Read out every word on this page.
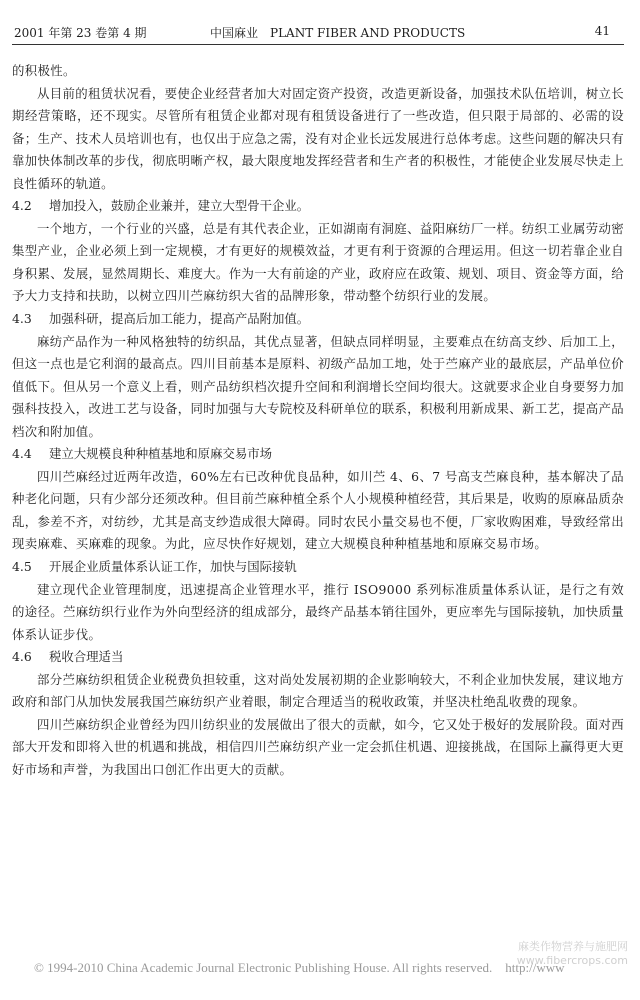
2001 年第 23 卷第 4 期	中国麻业　PLANT FIBER AND PRODUCTS	41

的积极性。

从目前的租赁状况看，要使企业经营者加大对固定资产投资，改造更新设备，加强技术队伍培训，树立长期经营策略，还不现实。尽管所有租赁企业都对现有租赁设备进行了一些改造，但只限于局部的、必需的设备；生产、技术人员培训也有，也仅出于应急之需，没有对企业长远发展进行总体考虑。这些问题的解决只有靠加快体制改革的步伐，彻底明晰产权，最大限度地发挥经营者和生产者的积极性，才能使企业发展尽快走上良性循环的轨道。

4.2 增加投入，鼓励企业兼并，建立大型骨干企业。

一个地方，一个行业的兴盛，总是有其代表企业，正如湖南有洞庭、益阳麻纺厂一样。纺织工业属劳动密集型产业，企业必须上到一定规模，才有更好的规模效益，才更有利于资源的合理运用。但这一切若靠企业自身积累、发展，显然周期长、难度大。作为一大有前途的产业，政府应在政策、规划、项目、资金等方面，给予大力支持和扶助，以树立四川苎麻纺织大省的品牌形象，带动整个纺织行业的发展。

4.3 加强科研，提高后加工能力，提高产品附加值。

麻纺产品作为一种风格独特的纺织品，其优点显著，但缺点同样明显，主要难点在纺高支纱、后加工上，但这一点也是它利润的最高点。四川目前基本是原料、初级产品加工地，处于苎麻产业的最底层，产品单位价值低下。但从另一个意义上看，则产品纺织档次提升空间和利润增长空间均很大。这就要求企业自身要努力加强科技投入，改进工艺与设备，同时加强与大专院校及科研单位的联系，积极利用新成果、新工艺，提高产品档次和附加值。

4.4 建立大规模良种种植基地和原麻交易市场

四川苎麻经过近两年改造，60%左右已改种优良品种，如川苎 4、6、7 号高支苎麻良种，基本解决了品种老化问题，只有少部分还须改种。但目前苎麻种植全系个人小规模种植经营，其后果是，收购的原麻品质杂乱，参差不齐，对纺纱，尤其是高支纱造成很大障碍。同时农民小量交易也不便，厂家收购困难，导致经常出现卖麻难、买麻难的现象。为此，应尽快作好规划，建立大规模良种种植基地和原麻交易市场。

4.5 开展企业质量体系认证工作，加快与国际接轨

建立现代企业管理制度，迅速提高企业管理水平，推行 ISO9000 系列标准质量体系认证，是行之有效的途径。苎麻纺织行业作为外向型经济的组成部分，最终产品基本销往国外，更应率先与国际接轨，加快质量体系认证步伐。

4.6 税收合理适当

部分苎麻纺织租赁企业税费负担较重，这对尚处发展初期的企业影响较大，不利企业加快发展，建议地方政府和部门从加快发展我国苎麻纺织产业着眼，制定合理适当的税收政策，并坚决杜绝乱收费的现象。

四川苎麻纺织企业曾经为四川纺织业的发展做出了很大的贡献，如今，它又处于极好的发展阶段。面对西部大开发和即将入世的机遇和挑战，相信四川苎麻纺织产业一定会抓住机遇、迎接挑战，在国际上赢得更大更好市场和声誉，为我国出口创汇作出更大的贡献。

麻类作物营养与施肥网
www.fibercrops.com
© 1994-2010 China Academic Journal Electronic Publishing House. All rights reserved.　http://www
